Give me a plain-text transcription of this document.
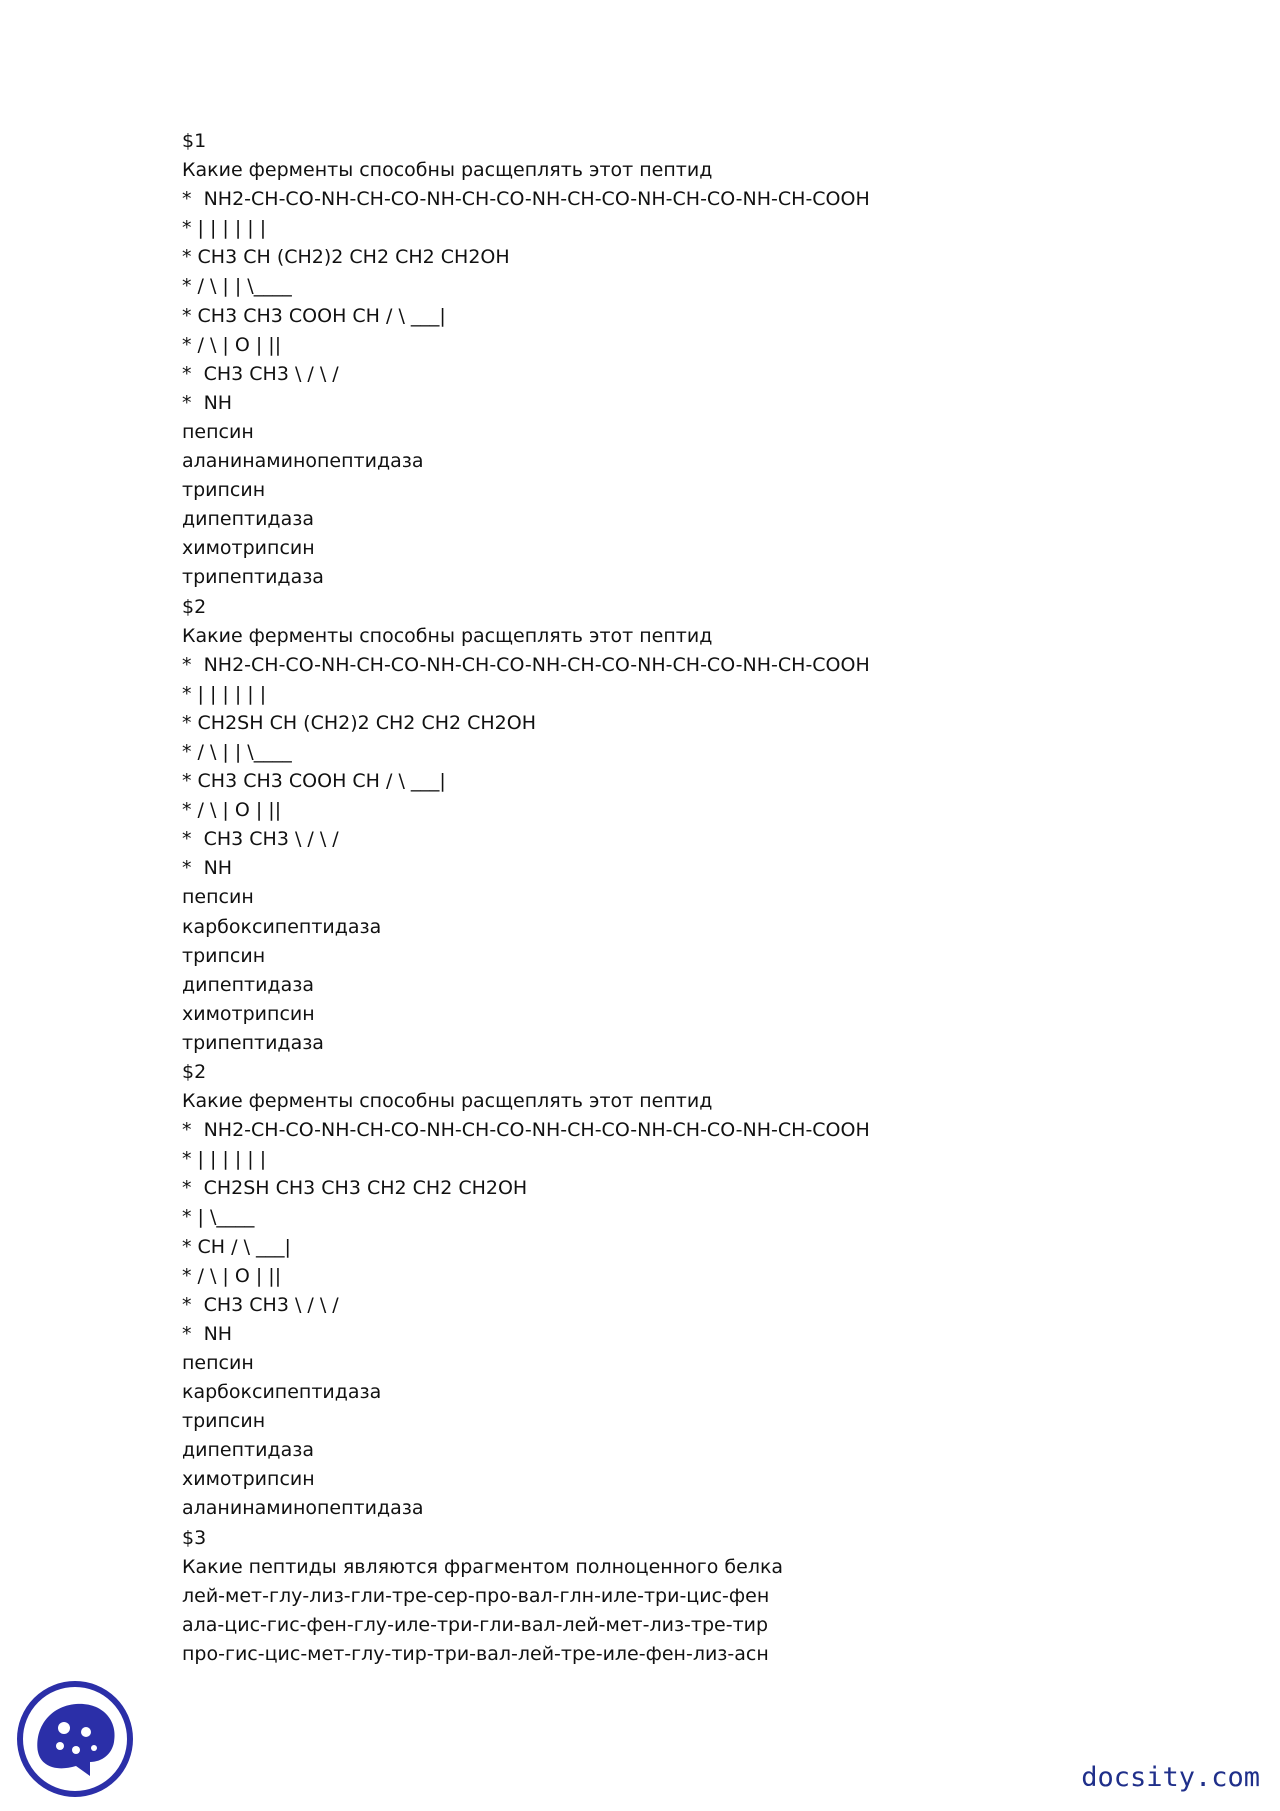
$1
Какие ферменты способны расщеплять этот пептид
*  NH2-CH-CO-NH-CH-CO-NH-CH-CO-NH-CH-CO-NH-CH-CO-NH-CH-COOH
* | | | | | |
* CH3 CH (CH2)2 CH2 CH2 CH2OH
* / \ | | \____
* CH3 CH3 COOH CH / \ ___|
* / \ | O | ||
*  CH3 CH3 \ / \ /
*  NH
пепсин
аланинаминопептидаза
трипсин
дипептидаза
химотрипсин
трипептидаза
$2
Какие ферменты способны расщеплять этот пептид
*  NH2-CH-CO-NH-CH-CO-NH-CH-CO-NH-CH-CO-NH-CH-CO-NH-CH-COOH
* | | | | | |
* CH2SH CH (CH2)2 CH2 CH2 CH2OH
* / \ | | \____
* CH3 CH3 COOH CH / \ ___|
* / \ | O | ||
*  CH3 CH3 \ / \ /
*  NH
пепсин
карбоксипептидаза
трипсин
дипептидаза
химотрипсин
трипептидаза
$2
Какие ферменты способны расщеплять этот пептид
*  NH2-CH-CO-NH-CH-CO-NH-CH-CO-NH-CH-CO-NH-CH-CO-NH-CH-COOH
* | | | | | |
*  CH2SH CH3 CH3 CH2 CH2 CH2OH
* | \____
* CH / \ ___|
* / \ | O | ||
*  CH3 CH3 \ / \ /
*  NH
пепсин
карбоксипептидаза
трипсин
дипептидаза
химотрипсин
аланинаминопептидаза
$3
Какие пептиды являются фрагментом полноценного белка
лей-мет-глу-лиз-гли-тре-сер-про-вал-глн-иле-три-цис-фен
ала-цис-гис-фен-глу-иле-три-гли-вал-лей-мет-лиз-тре-тир
про-гис-цис-мет-глу-тир-три-вал-лей-тре-иле-фен-лиз-асн
docsity.com
